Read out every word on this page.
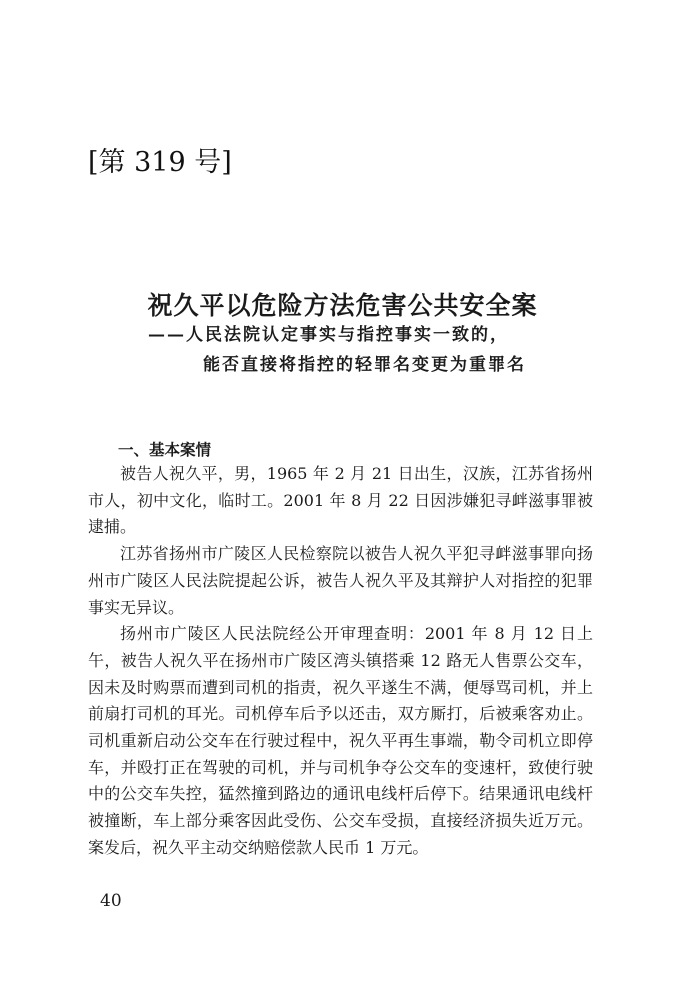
[第 319 号]
祝久平以危险方法危害公共安全案
——人民法院认定事实与指控事实一致的，
能否直接将指控的轻罪名变更为重罪名
一、基本案情

被告人祝久平，男，1965 年 2 月 21 日出生，汉族，江苏省扬州市人，初中文化，临时工。2001 年 8 月 22 日因涉嫌犯寻衅滋事罪被逮捕。

江苏省扬州市广陵区人民检察院以被告人祝久平犯寻衅滋事罪向扬州市广陵区人民法院提起公诉，被告人祝久平及其辩护人对指控的犯罪事实无异议。

扬州市广陵区人民法院经公开审理查明：2001 年 8 月 12 日上午，被告人祝久平在扬州市广陵区湾头镇搭乘 12 路无人售票公交车，因未及时购票而遭到司机的指责，祝久平遂生不满，便辱骂司机，并上前扇打司机的耳光。司机停车后予以还击，双方厮打，后被乘客劝止。司机重新启动公交车在行驶过程中，祝久平再生事端，勒令司机立即停车，并殴打正在驾驶的司机，并与司机争夺公交车的变速杆，致使行驶中的公交车失控，猛然撞到路边的通讯电线杆后停下。结果通讯电线杆被撞断，车上部分乘客因此受伤、公交车受损，直接经济损失近万元。案发后，祝久平主动交纳赔偿款人民币 1 万元。

40
